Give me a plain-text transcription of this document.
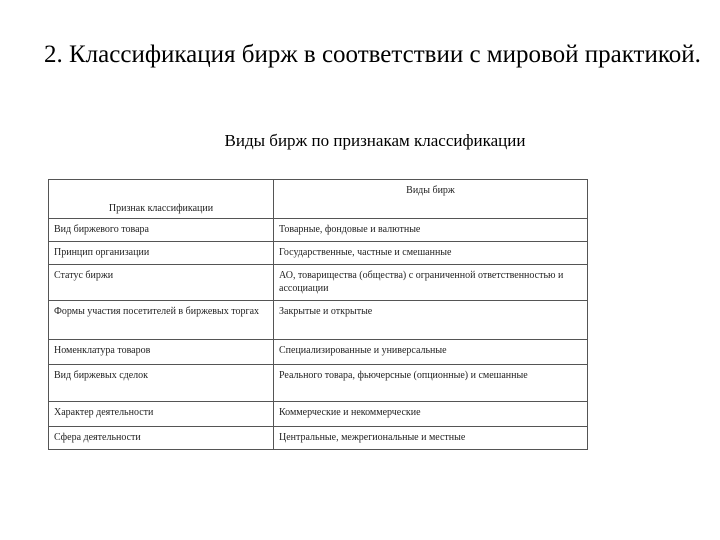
2. Классификация бирж в соответствии с мировой практикой.
Виды бирж по признакам классификации
Признак классификации	Виды бирж
Вид биржевого товара	Товарные, фондовые и валютные
Принцип организации	Государственные, частные и смешанные
Статус биржи	АО, товарищества (общества) с ограниченной ответственностью и ассоциации
Формы участия посетителей в биржевых торгах	Закрытые и открытые
Номенклатура товаров	Специализированные и универсальные
Вид биржевых сделок	Реального товара, фьючерсные (опционные) и смешанные
Характер деятельности	Коммерческие и некоммерческие
Сфера деятельности	Центральные, межрегиональные и местные
